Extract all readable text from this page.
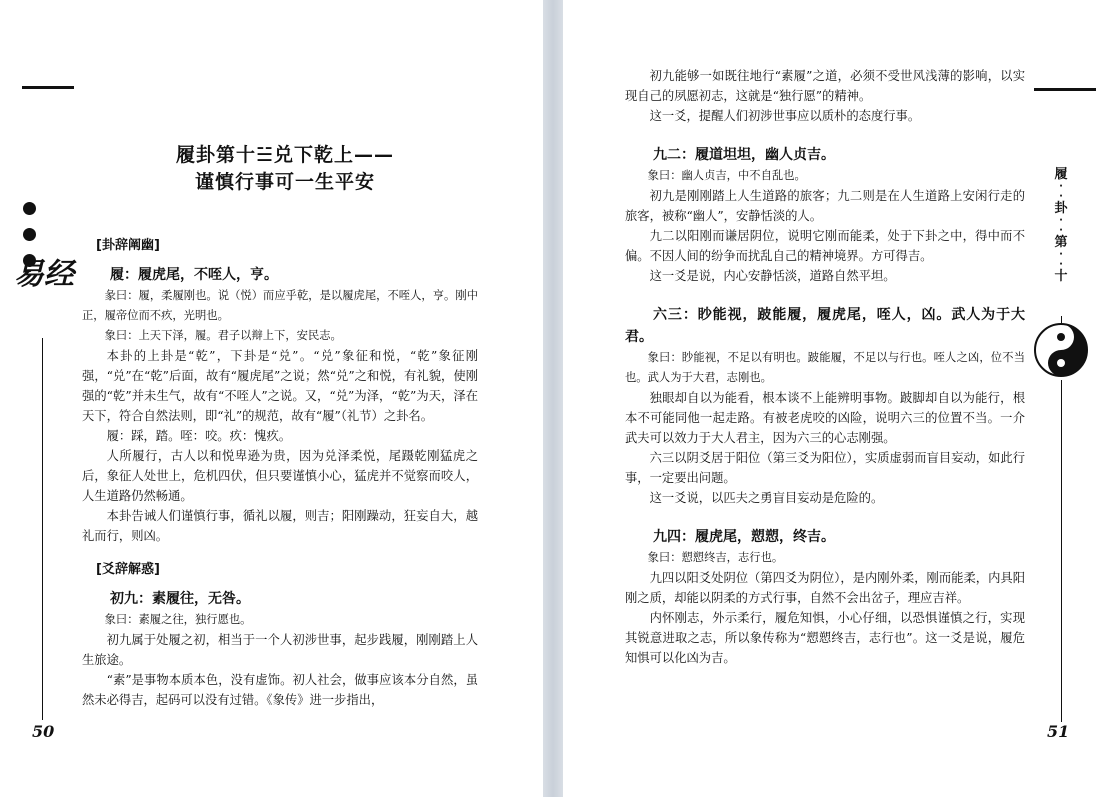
履卦第十☱兑下乾上——
谨慎行事可一生平安
易经
[卦辞阐幽]

履：履虎尾，不咥人，亨。

彖曰：履，柔履刚也。说（悦）而应乎乾，是以履虎尾，不咥人，亨。刚中正，履帝位而不疚，光明也。

象曰：上天下泽，履。君子以辩上下，安民志。

本卦的上卦是“乾”，下卦是“兑”。“兑”象征和悦，“乾”象征刚强，“兑”在“乾”后面，故有“履虎尾”之说；然“兑”之和悦，有礼貌，使刚强的“乾”并未生气，故有“不咥人”之说。又，“兑”为泽，“乾”为天，泽在天下，符合自然法则，即“礼”的规范，故有“履”（礼节）之卦名。

履：踩，踏。咥：咬。疚：愧疚。

人所履行，古人以和悦卑逊为贵，因为兑泽柔悦，尾蹑乾刚猛虎之后，象征人处世上，危机四伏，但只要谨慎小心，猛虎并不觉察而咬人，人生道路仍然畅通。

本卦告诫人们谨慎行事，循礼以履，则吉；阳刚躁动，狂妄自大，越礼而行，则凶。

[爻辞解惑]

初九：素履往，无咎。

象曰：素履之往，独行愿也。

初九属于处履之初，相当于一个人初涉世事，起步践履，刚刚踏上人生旅途。

“素”是事物本质本色，没有虚饰。初人社会，做事应该本分自然，虽然未必得吉，起码可以没有过错。《象传》进一步指出，

50

初九能够一如既往地行“素履”之道，必须不受世风浅薄的影响，以实现自己的夙愿初志，这就是“独行愿”的精神。

这一爻，提醒人们初涉世事应以质朴的态度行事。

九二：履道坦坦，幽人贞吉。

象曰：幽人贞吉，中不自乱也。

初九是刚刚踏上人生道路的旅客；九二则是在人生道路上安闲行走的旅客，被称“幽人”，安静恬淡的人。

九二以阳刚而谦居阴位，说明它刚而能柔，处于下卦之中，得中而不偏。不因人间的纷争而扰乱自己的精神境界。方可得吉。

这一爻是说，内心安静恬淡，道路自然平坦。

六三：眇能视，跛能履，履虎尾，咥人，凶。武人为于大君。

象曰：眇能视，不足以有明也。跛能履，不足以与行也。咥人之凶，位不当也。武人为于大君，志刚也。

独眼却自以为能看，根本谈不上能辨明事物。跛脚却自以为能行，根本不可能同他一起走路。有被老虎咬的凶险，说明六三的位置不当。一介武夫可以效力于大人君主，因为六三的心志刚强。

六三以阴爻居于阳位（第三爻为阳位），实质虚弱而盲目妄动，如此行事，一定要出问题。

这一爻说，以匹夫之勇盲目妄动是危险的。

九四：履虎尾，愬愬，终吉。

象曰：愬愬终吉，志行也。

九四以阳爻处阴位（第四爻为阴位），是内刚外柔，刚而能柔，内具阳刚之质，却能以阴柔的方式行事，自然不会出岔子，理应吉祥。

内怀刚志，外示柔行，履危知惧，小心仔细，以恐惧谨慎之行，实现其锐意进取之志，所以象传称为“愬愬终吉，志行也”。这一爻是说，履危知惧可以化凶为吉。

51
履
·
·
卦
·
·
第
·
·
十
